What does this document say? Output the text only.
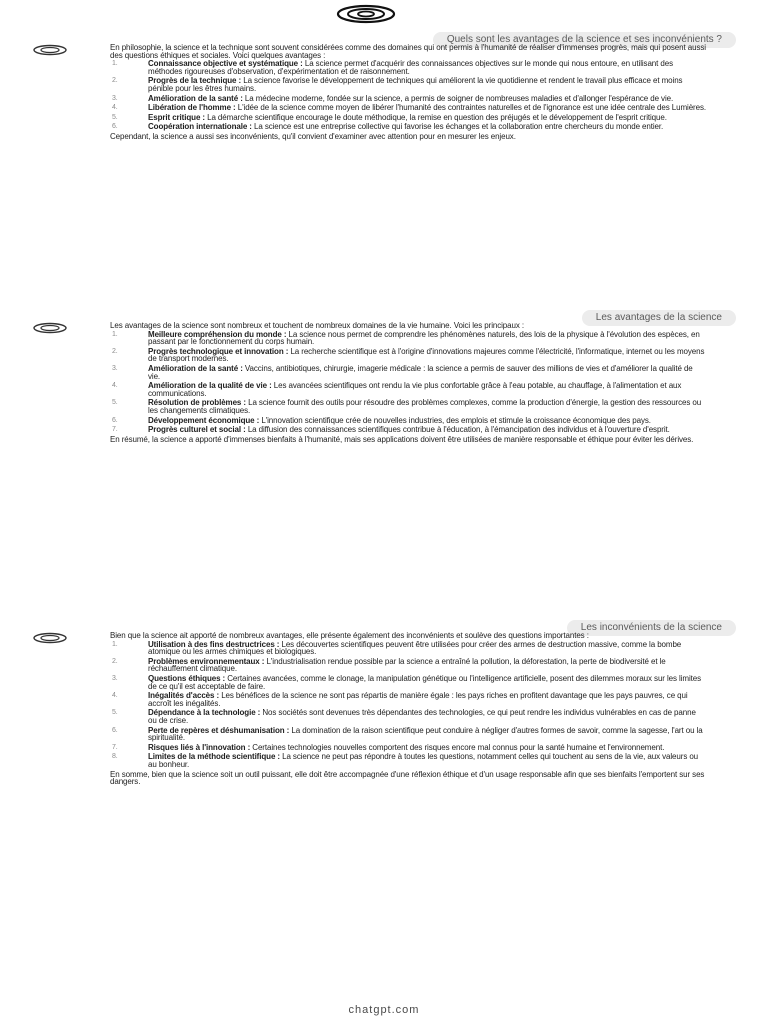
Quels sont les avantages de la science et ses inconvénients ?

En philosophie, la science et la technique sont souvent considérées comme des domaines qui ont permis à l'humanité de réaliser d'immenses progrès, mais qui posent aussi des questions éthiques et sociales. Voici quelques avantages :

1.	Connaissance objective et systématique : La science permet d'acquérir des connaissances objectives sur le monde qui nous entoure, en utilisant des méthodes rigoureuses d'observation, d'expérimentation et de raisonnement.
2.	Progrès de la technique : La science favorise le développement de techniques qui améliorent la vie quotidienne et rendent le travail plus efficace et moins pénible pour les êtres humains.
3.	Amélioration de la santé : La médecine moderne, fondée sur la science, a permis de soigner de nombreuses maladies et d'allonger l'espérance de vie.
4.	Libération de l'homme : L'idée de la science comme moyen de libérer l'humanité des contraintes naturelles et de l'ignorance est une idée centrale des Lumières.
5.	Esprit critique : La démarche scientifique encourage le doute méthodique, la remise en question des préjugés et le développement de l'esprit critique.
6.	Coopération internationale : La science est une entreprise collective qui favorise les échanges et la collaboration entre chercheurs du monde entier.

Cependant, la science a aussi ses inconvénients, qu'il convient d'examiner avec attention pour en mesurer les enjeux.

Les avantages de la science

Les avantages de la science sont nombreux et touchent de nombreux domaines de la vie humaine. Voici les principaux :

1.	Meilleure compréhension du monde : La science nous permet de comprendre les phénomènes naturels, des lois de la physique à l'évolution des espèces, en passant par le fonctionnement du corps humain.
2.	Progrès technologique et innovation : La recherche scientifique est à l'origine d'innovations majeures comme l'électricité, l'informatique, internet ou les moyens de transport modernes.
3.	Amélioration de la santé : Vaccins, antibiotiques, chirurgie, imagerie médicale : la science a permis de sauver des millions de vies et d'améliorer la qualité de vie.
4.	Amélioration de la qualité de vie : Les avancées scientifiques ont rendu la vie plus confortable grâce à l'eau potable, au chauffage, à l'alimentation et aux communications.
5.	Résolution de problèmes : La science fournit des outils pour résoudre des problèmes complexes, comme la production d'énergie, la gestion des ressources ou les changements climatiques.
6.	Développement économique : L'innovation scientifique crée de nouvelles industries, des emplois et stimule la croissance économique des pays.
7.	Progrès culturel et social : La diffusion des connaissances scientifiques contribue à l'éducation, à l'émancipation des individus et à l'ouverture d'esprit.

En résumé, la science a apporté d'immenses bienfaits à l'humanité, mais ses applications doivent être utilisées de manière responsable et éthique pour éviter les dérives.

Les inconvénients de la science

Bien que la science ait apporté de nombreux avantages, elle présente également des inconvénients et soulève des questions importantes :

1.	Utilisation à des fins destructrices : Les découvertes scientifiques peuvent être utilisées pour créer des armes de destruction massive, comme la bombe atomique ou les armes chimiques et biologiques.
2.	Problèmes environnementaux : L'industrialisation rendue possible par la science a entraîné la pollution, la déforestation, la perte de biodiversité et le réchauffement climatique.
3.	Questions éthiques : Certaines avancées, comme le clonage, la manipulation génétique ou l'intelligence artificielle, posent des dilemmes moraux sur les limites de ce qu'il est acceptable de faire.
4.	Inégalités d'accès : Les bénéfices de la science ne sont pas répartis de manière égale : les pays riches en profitent davantage que les pays pauvres, ce qui accroît les inégalités.
5.	Dépendance à la technologie : Nos sociétés sont devenues très dépendantes des technologies, ce qui peut rendre les individus vulnérables en cas de panne ou de crise.
6.	Perte de repères et déshumanisation : La domination de la raison scientifique peut conduire à négliger d'autres formes de savoir, comme la sagesse, l'art ou la spiritualité.
7.	Risques liés à l'innovation : Certaines technologies nouvelles comportent des risques encore mal connus pour la santé humaine et l'environnement.
8.	Limites de la méthode scientifique : La science ne peut pas répondre à toutes les questions, notamment celles qui touchent au sens de la vie, aux valeurs ou au bonheur.

En somme, bien que la science soit un outil puissant, elle doit être accompagnée d'une réflexion éthique et d'un usage responsable afin que ses bienfaits l'emportent sur ses dangers.

chatgpt.com
